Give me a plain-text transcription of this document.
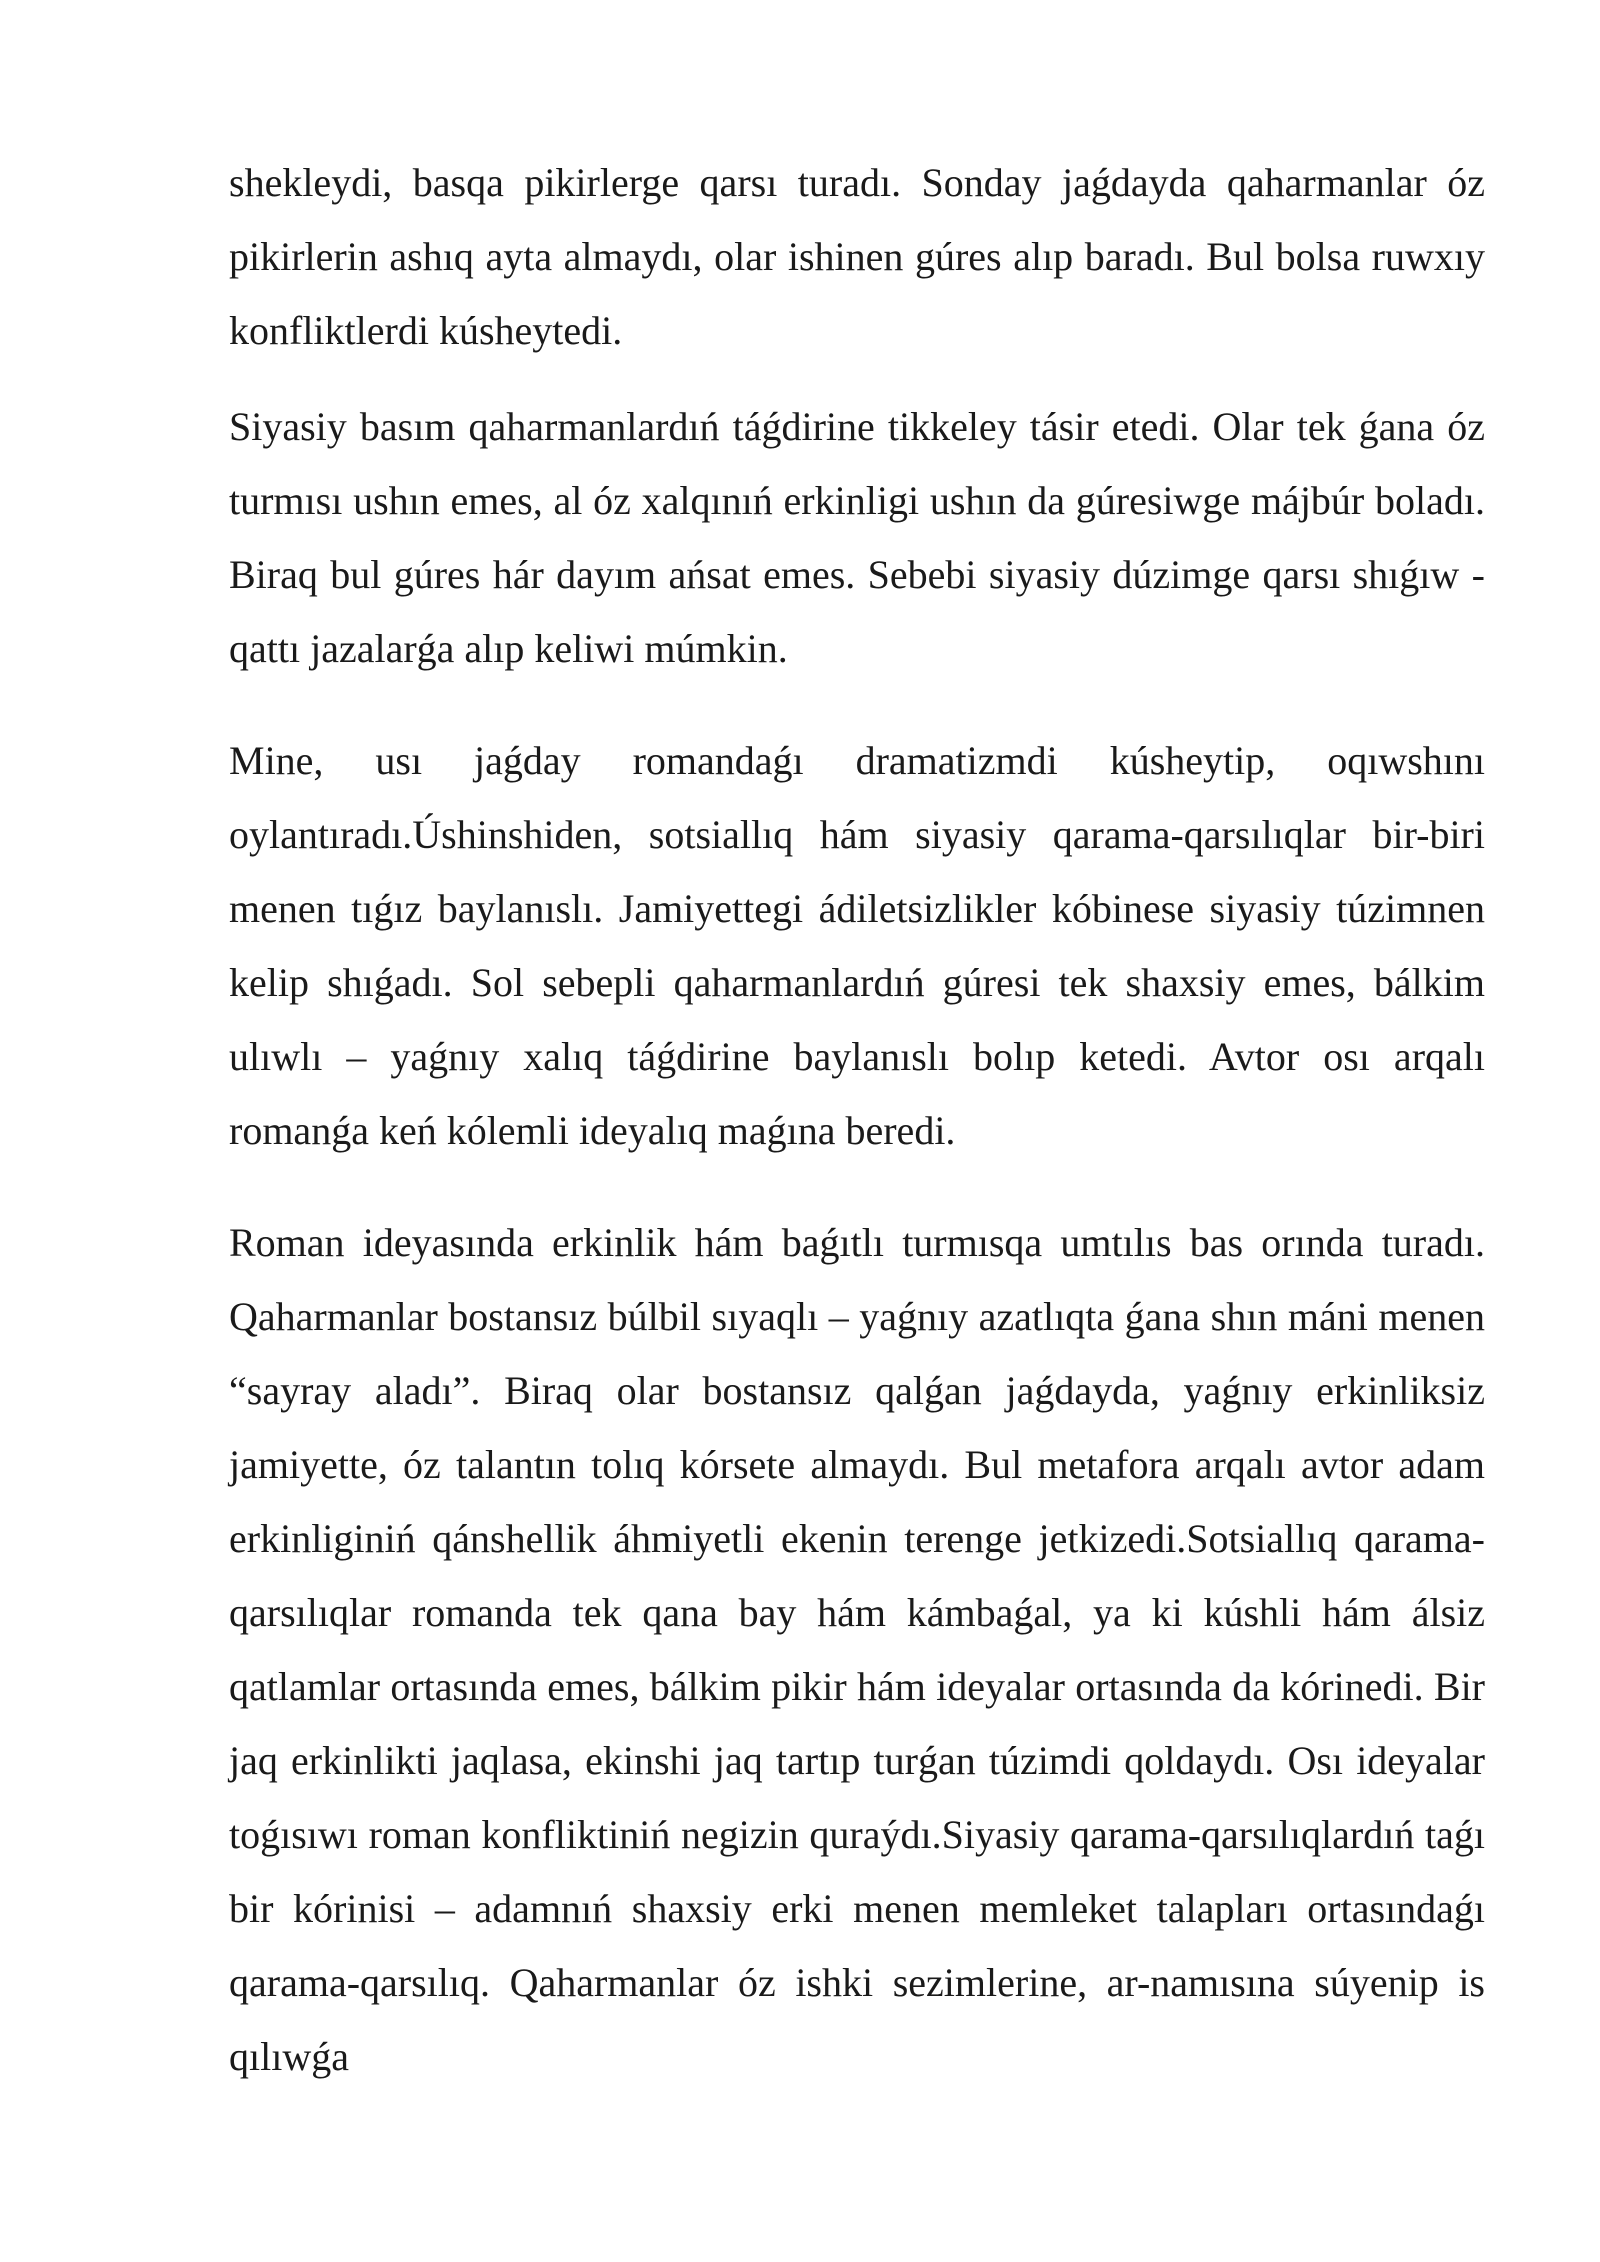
shekleydi, basqa pikirlerge qarsı turadı. Sonday jaǵdayda qaharmanlar óz pikirlerin ashıq ayta almaydı, olar ishinen gúres alıp baradı. Bul bolsa ruwxıy konfliktlerdi kúsheytedi.

Siyasiy basım qaharmanlardıń táǵdirine tikkeley tásir etedi. Olar tek ǵana óz turmısı ushın emes, al óz xalqınıń erkinligi ushın da gúresiwge májbúr boladı. Biraq bul gúres hár dayım ańsat emes. Sebebi siyasiy dúzimge qarsı shıǵıw - qattı jazalarǵa alıp keliwi múmkin.

Mine, usı jaǵday romandaǵı dramatizmdi kúsheytip, oqıwshını oylantıradı.Úshinshiden, sotsiallıq hám siyasiy qarama-qarsılıqlar bir-biri menen tıǵız baylanıslı. Jamiyettegi ádiletsizlikler kóbinese siyasiy túzimnen kelip shıǵadı. Sol sebepli qaharmanlardıń gúresi tek shaxsiy emes, bálkim ulıwlı – yaǵnıy xalıq táǵdirine baylanıslı bolıp ketedi. Avtor osı arqalı romanǵa keń kólemli ideyalıq maǵına beredi.

Roman ideyasında erkinlik hám baǵıtlı turmısqa umtılıs bas orında turadı. Qaharmanlar bostansız búlbil sıyaqlı – yaǵnıy azatlıqta ǵana shın máni menen “sayray aladı”. Biraq olar bostansız qalǵan jaǵdayda, yaǵnıy erkinliksiz jamiyette, óz talantın tolıq kórsete almaydı. Bul metafora arqalı avtor adam erkinliginiń qánshellik áhmiyetli ekenin terenge jetkizedi.Sotsiallıq qarama-qarsılıqlar romanda tek qana bay hám kámbaǵal, ya ki kúshli hám álsiz qatlamlar ortasında emes, bálkim pikir hám ideyalar ortasında da kórinedi. Bir jaq erkinlikti jaqlasa, ekinshi jaq tartıp turǵan túzimdi qoldaydı. Osı ideyalar toǵısıwı roman konfliktiniń negizin quraýdı.Siyasiy qarama-qarsılıqlardıń taǵı bir kórinisi – adamnıń shaxsiy erki menen memleket talapları ortasındaǵı qarama-qarsılıq. Qaharmanlar óz ishki sezimlerine, ar-namısına súyenip is qılıwǵa
